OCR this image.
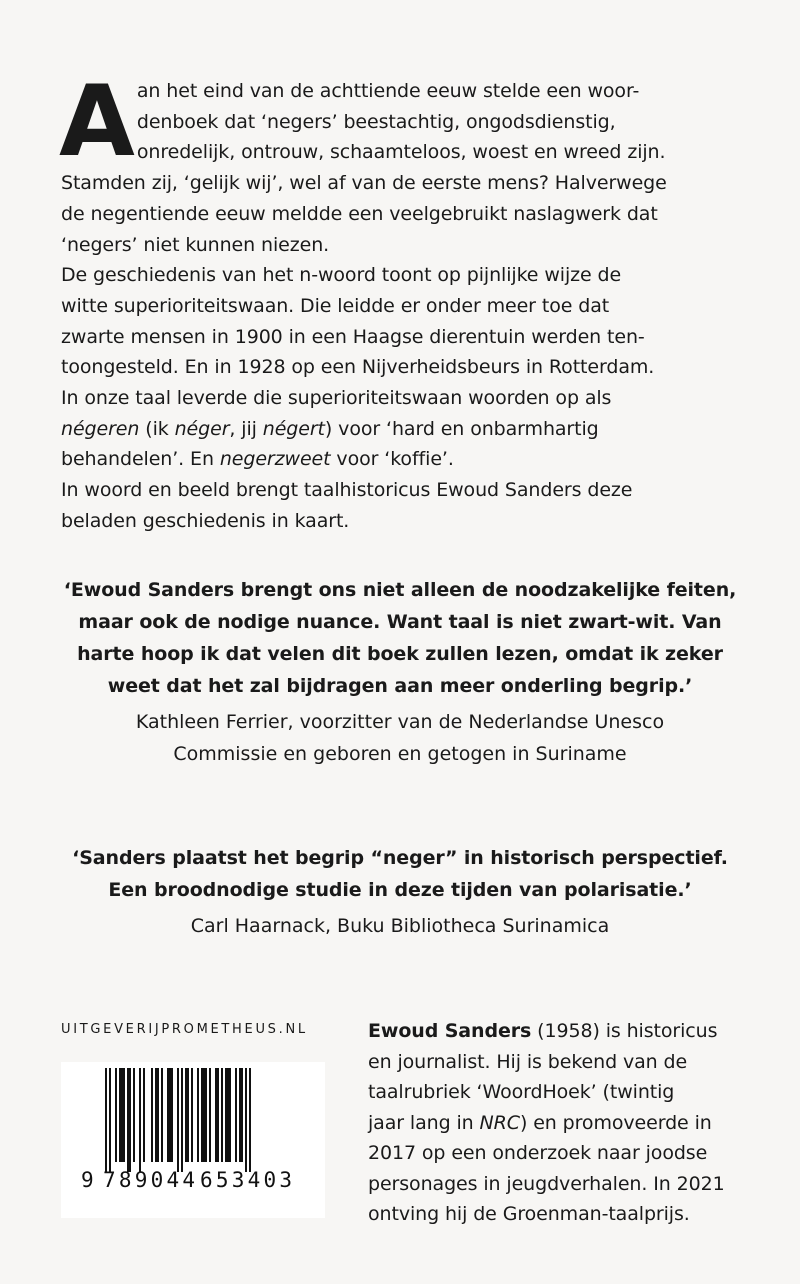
A an het eind van de achttiende eeuw stelde een woor-
denboek dat ‘negers’ beestachtig, ongodsdienstig,
onredelijk, ontrouw, schaamteloos, woest en wreed zijn.
Stamden zij, ‘gelijk wij’, wel af van de eerste mens? Halverwege
de negentiende eeuw meldde een veelgebruikt naslagwerk dat
‘negers’ niet kunnen niezen.
De geschiedenis van het n-woord toont op pijnlijke wijze de
witte superioriteitswaan. Die leidde er onder meer toe dat
zwarte mensen in 1900 in een Haagse dierentuin werden ten-
toongesteld. En in 1928 op een Nijverheidsbeurs in Rotterdam.
In onze taal leverde die superioriteitswaan woorden op als
négeren (ik néger, jij négert) voor ‘hard en onbarmhartig
behandelen’. En negerzweet voor ‘koffie’.
In woord en beeld brengt taalhistoricus Ewoud Sanders deze
beladen geschiedenis in kaart.
‘Ewoud Sanders brengt ons niet alleen de noodzakelijke feiten,
maar ook de nodige nuance. Want taal is niet zwart-wit. Van
harte hoop ik dat velen dit boek zullen lezen, omdat ik zeker
weet dat het zal bijdragen aan meer onderling begrip.’
Kathleen Ferrier, voorzitter van de Nederlandse Unesco
Commissie en geboren en getogen in Suriname
‘Sanders plaatst het begrip “neger” in historisch perspectief.
Een broodnodige studie in deze tijden van polarisatie.’
Carl Haarnack, Buku Bibliotheca Surinamica
UITGEVERIJPROMETHEUS.NL
9 789044 653403
Ewoud Sanders (1958) is historicus
en journalist. Hij is bekend van de
taalrubriek ‘WoordHoek’ (twintig
jaar lang in NRC) en promoveerde in
2017 op een onderzoek naar joodse
personages in jeugdverhalen. In 2021
ontving hij de Groenman-taalprijs.
